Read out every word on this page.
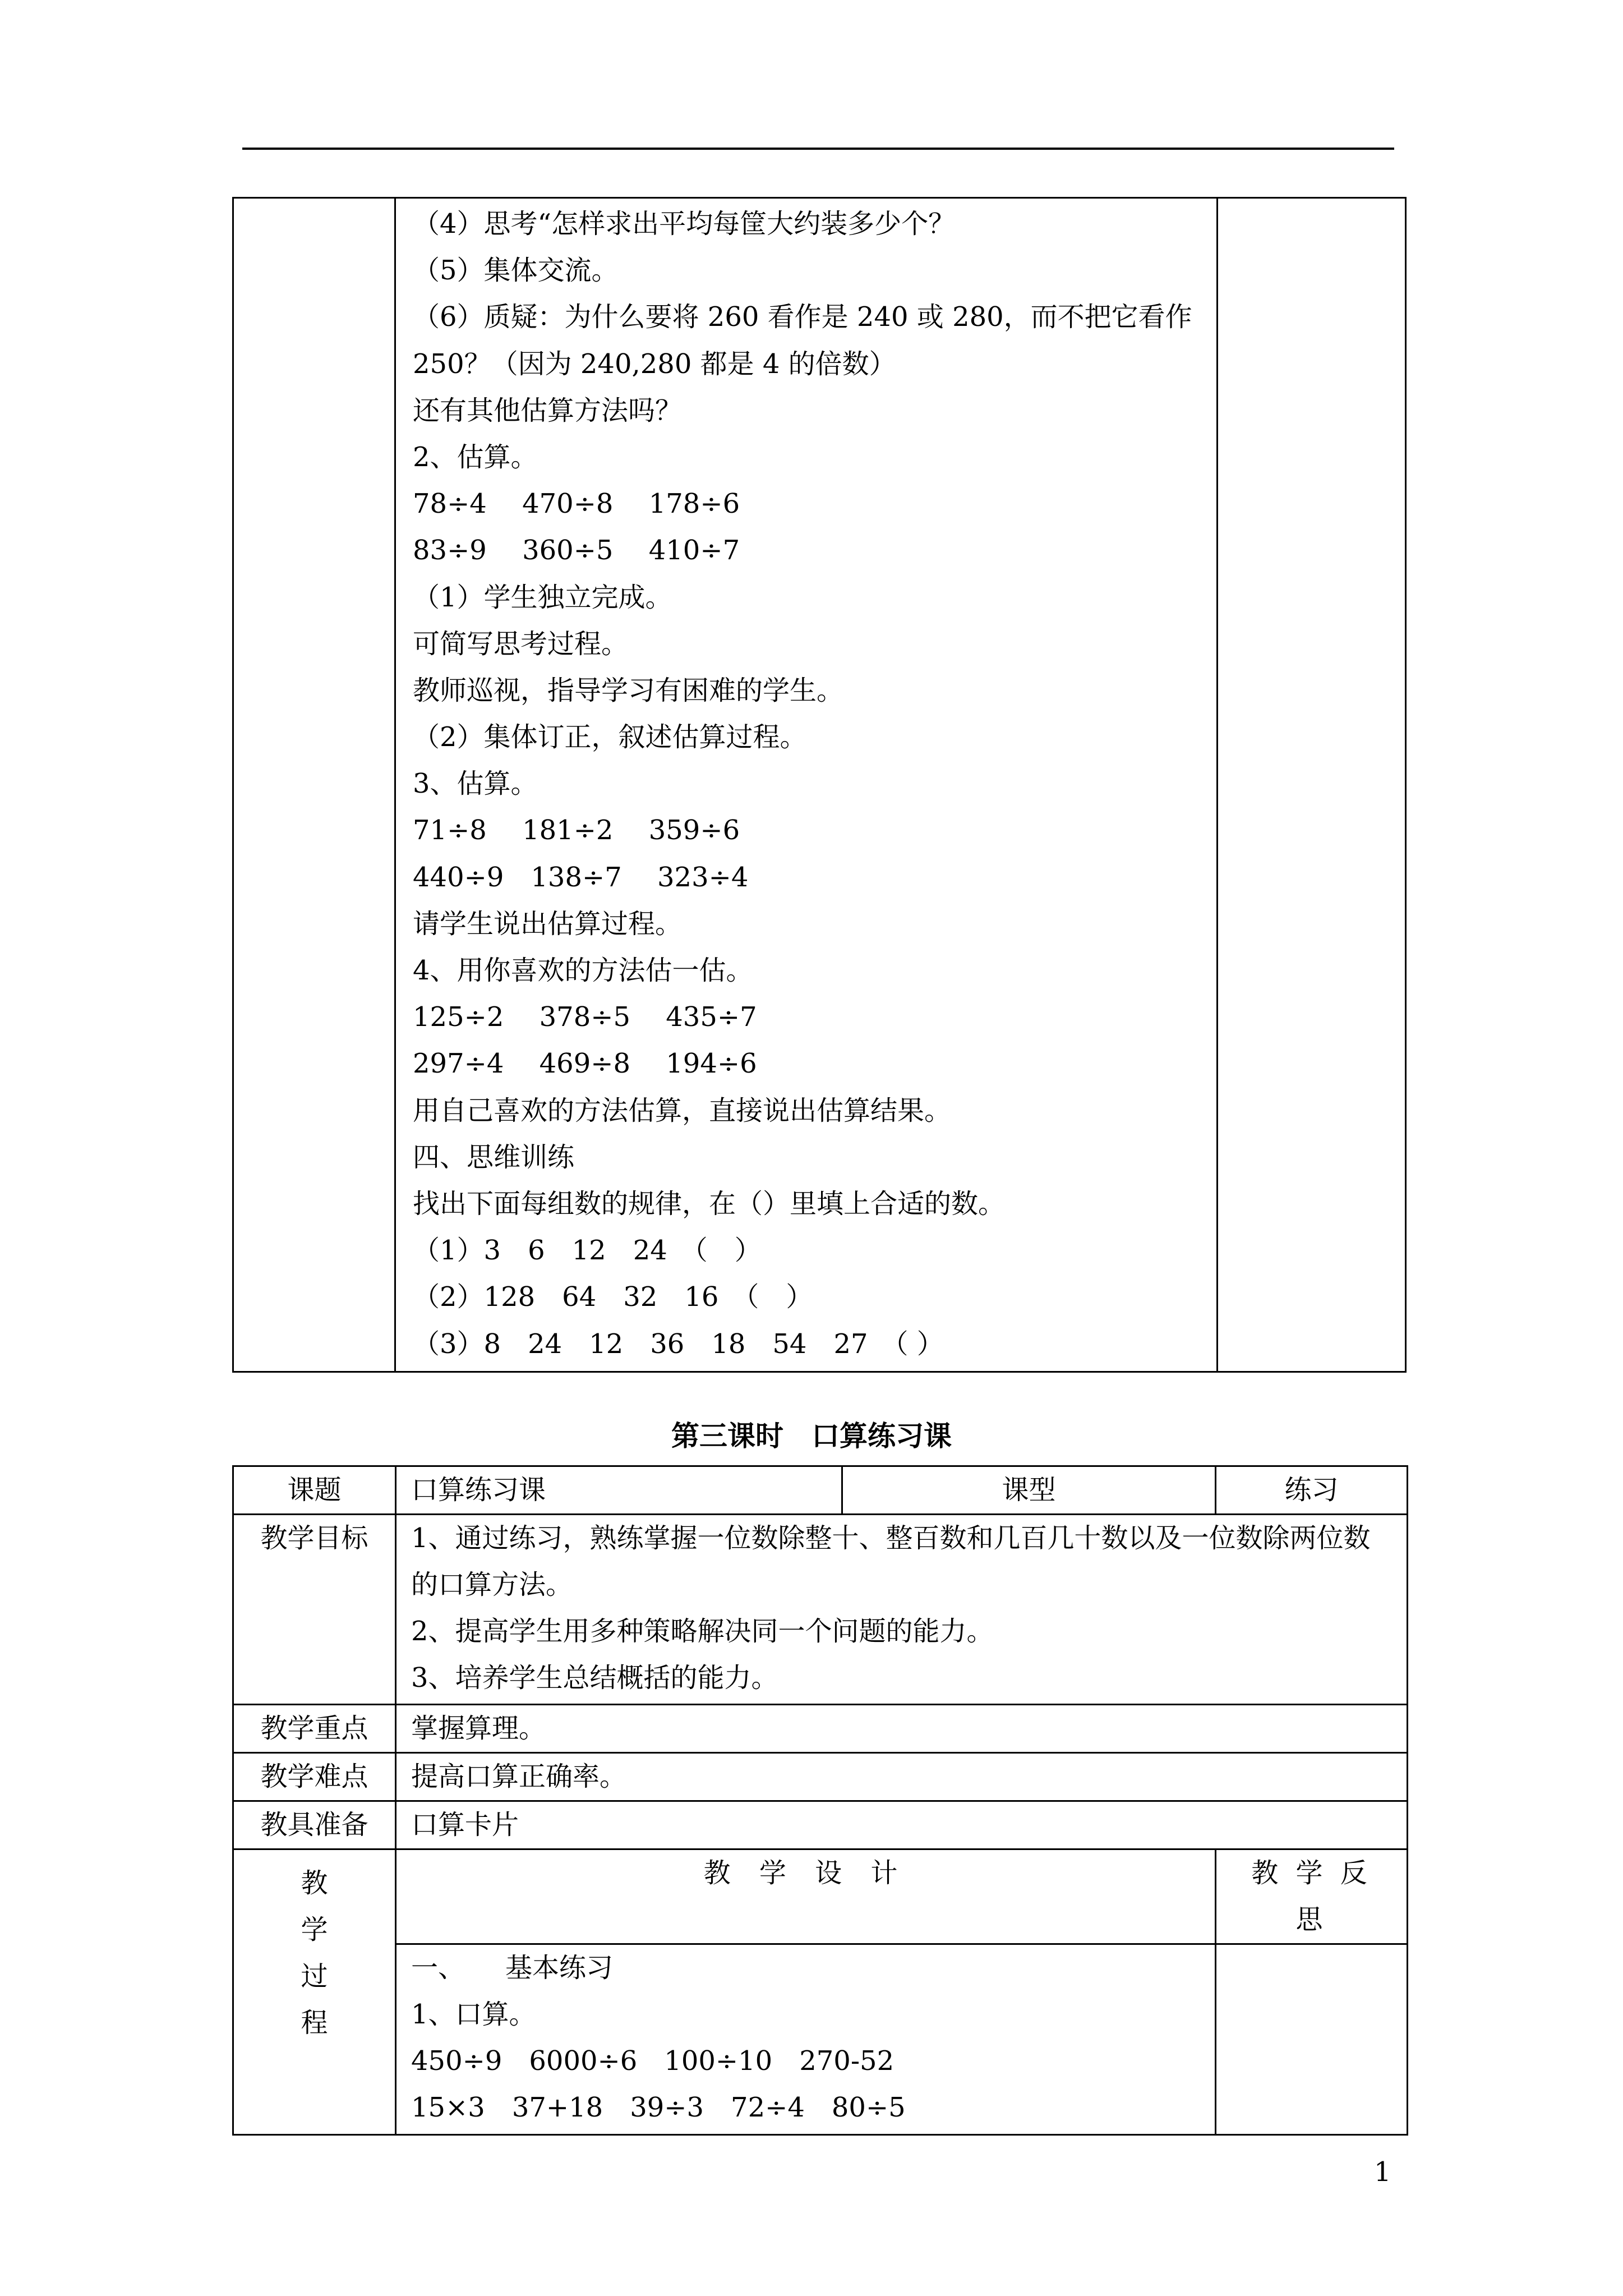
（4）思考“怎样求出平均每筐大约装多少个？
（5）集体交流。
（6）质疑：为什么要将 260 看作是 240 或 280，而不把它看作
250？（因为 240,280 都是 4 的倍数）
还有其他估算方法吗？
2、估算。
78÷4　 470÷8　 178÷6
83÷9　 360÷5　 410÷7
（1）学生独立完成。
可简写思考过程。
教师巡视，指导学习有困难的学生。
（2）集体订正，叙述估算过程。
3、估算。
71÷8　 181÷2　 359÷6
440÷9　138÷7　 323÷4
请学生说出估算过程。
4、用你喜欢的方法估一估。
125÷2　 378÷5　 435÷7
297÷4　 469÷8　 194÷6
用自己喜欢的方法估算，直接说出估算结果。
四、思维训练
找出下面每组数的规律，在（）里填上合适的数。
（1）3　6　12　24　（　）
（2）128　64　32　16　（　）
（3）8　24　12　36　18　54　27　（ ）
第三课时　口算练习课
课题	口算练习课	课型	练习
教学目标	1、通过练习，熟练掌握一位数除整十、整百数和几百几十数以及一位数除两位数的口算方法。
2、提高学生用多种策略解决同一个问题的能力。
3、培养学生总结概括的能力。		

教学重点	掌握算理。		
教学难点	提高口算正确率。		
教具准备	口算卡片		

教
学
过
程	教 学 设 计		教 学 反 思

	一、　　基本练习
1、口算。
450÷9　6000÷6　100÷10　270-52
15×3　37+18　39÷3　72÷4　80÷5		

1
